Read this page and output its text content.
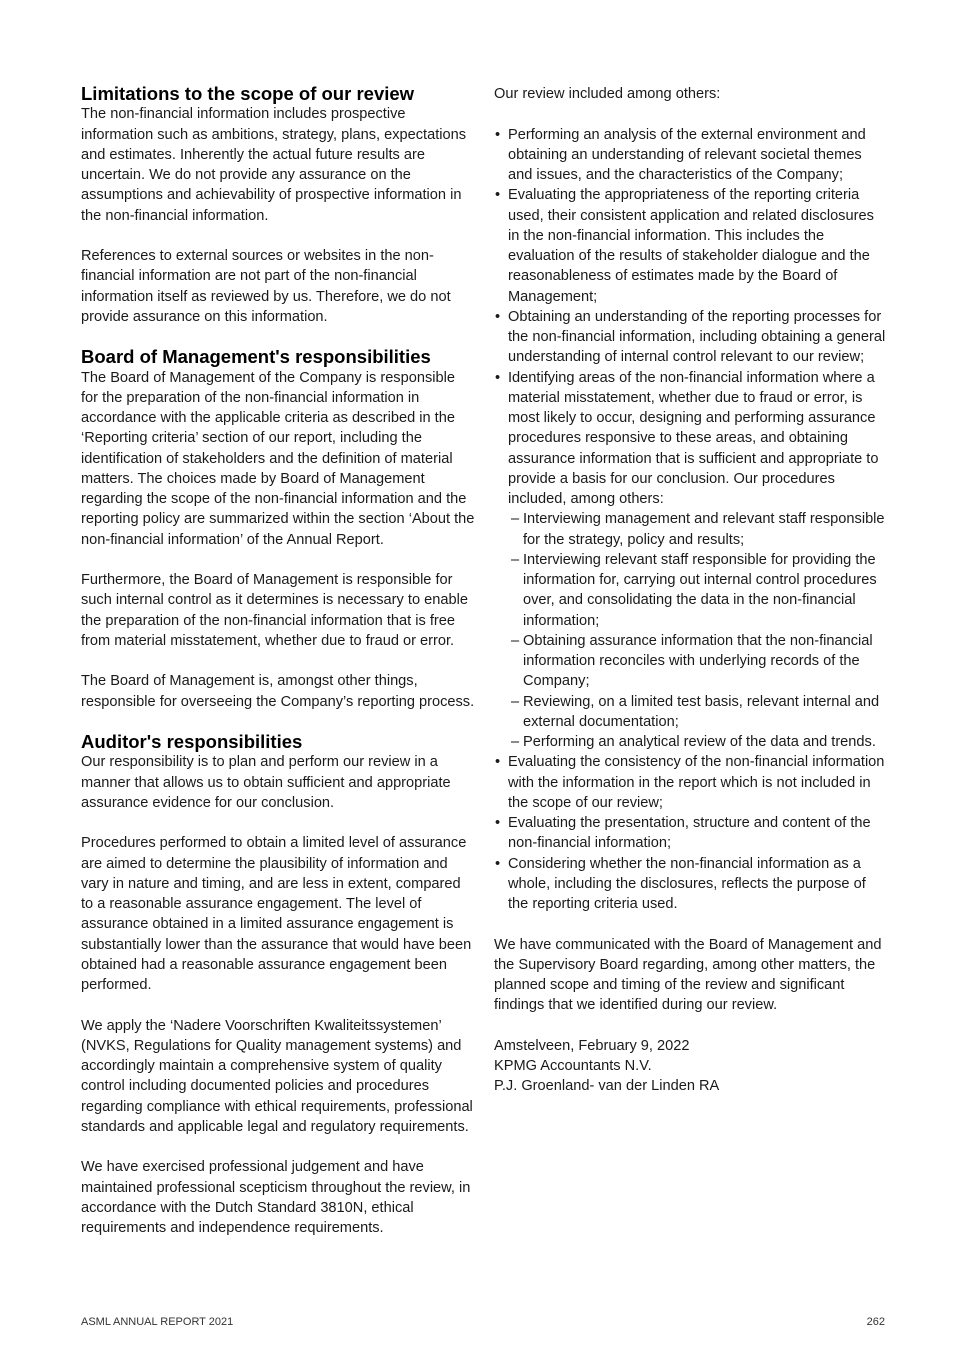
Limitations to the scope of our review

The non-financial information includes prospective information such as ambitions, strategy, plans, expectations and estimates. Inherently the actual future results are uncertain. We do not provide any assurance on the assumptions and achievability of prospective information in the non-financial information.

References to external sources or websites in the non-financial information are not part of the non-financial information itself as reviewed by us. Therefore, we do not provide assurance on this information.

Board of Management's responsibilities

The Board of Management of the Company is responsible for the preparation of the non-financial information in accordance with the applicable criteria as described in the ‘Reporting criteria’ section of our report, including the identification of stakeholders and the definition of material matters. The choices made by Board of Management regarding the scope of the non-financial information and the reporting policy are summarized within the section ‘About the non-financial information’ of the Annual Report.

Furthermore, the Board of Management is responsible for such internal control as it determines is necessary to enable the preparation of the non-financial information that is free from material misstatement, whether due to fraud or error.

The Board of Management is, amongst other things, responsible for overseeing the Company’s reporting process.

Auditor's responsibilities

Our responsibility is to plan and perform our review in a manner that allows us to obtain sufficient and appropriate assurance evidence for our conclusion.

Procedures performed to obtain a limited level of assurance are aimed to determine the plausibility of information and vary in nature and timing, and are less in extent, compared to a reasonable assurance engagement. The level of assurance obtained in a limited assurance engagement is substantially lower than the assurance that would have been obtained had a reasonable assurance engagement been performed.

We apply the ‘Nadere Voorschriften Kwaliteitssystemen’ (NVKS, Regulations for Quality management systems) and accordingly maintain a comprehensive system of quality control including documented policies and procedures regarding compliance with ethical requirements, professional standards and applicable legal and regulatory requirements.

We have exercised professional judgement and have maintained professional scepticism throughout the review, in accordance with the Dutch Standard 3810N, ethical requirements and independence requirements.

Our review included among others:

• Performing an analysis of the external environment and obtaining an understanding of relevant societal themes and issues, and the characteristics of the Company;
• Evaluating the appropriateness of the reporting criteria used, their consistent application and related disclosures in the non-financial information. This includes the evaluation of the results of stakeholder dialogue and the reasonableness of estimates made by the Board of Management;
• Obtaining an understanding of the reporting processes for the non-financial information, including obtaining a general understanding of internal control relevant to our review;
• Identifying areas of the non-financial information where a material misstatement, whether due to fraud or error, is most likely to occur, designing and performing assurance procedures responsive to these areas, and obtaining assurance information that is sufficient and appropriate to provide a basis for our conclusion. Our procedures included, among others:
– Interviewing management and relevant staff responsible for the strategy, policy and results;
– Interviewing relevant staff responsible for providing the information for, carrying out internal control procedures over, and consolidating the data in the non-financial information;
– Obtaining assurance information that the non-financial information reconciles with underlying records of the Company;
– Reviewing, on a limited test basis, relevant internal and external documentation;
– Performing an analytical review of the data and trends.
• Evaluating the consistency of the non-financial information with the information in the report which is not included in the scope of our review;
• Evaluating the presentation, structure and content of the non-financial information;
• Considering whether the non-financial information as a whole, including the disclosures, reflects the purpose of the reporting criteria used.

We have communicated with the Board of Management and the Supervisory Board regarding, among other matters, the planned scope and timing of the review and significant findings that we identified during our review.

Amstelveen, February 9, 2022
KPMG Accountants N.V.
P.J. Groenland- van der Linden RA
ASML ANNUAL REPORT 2021	262
